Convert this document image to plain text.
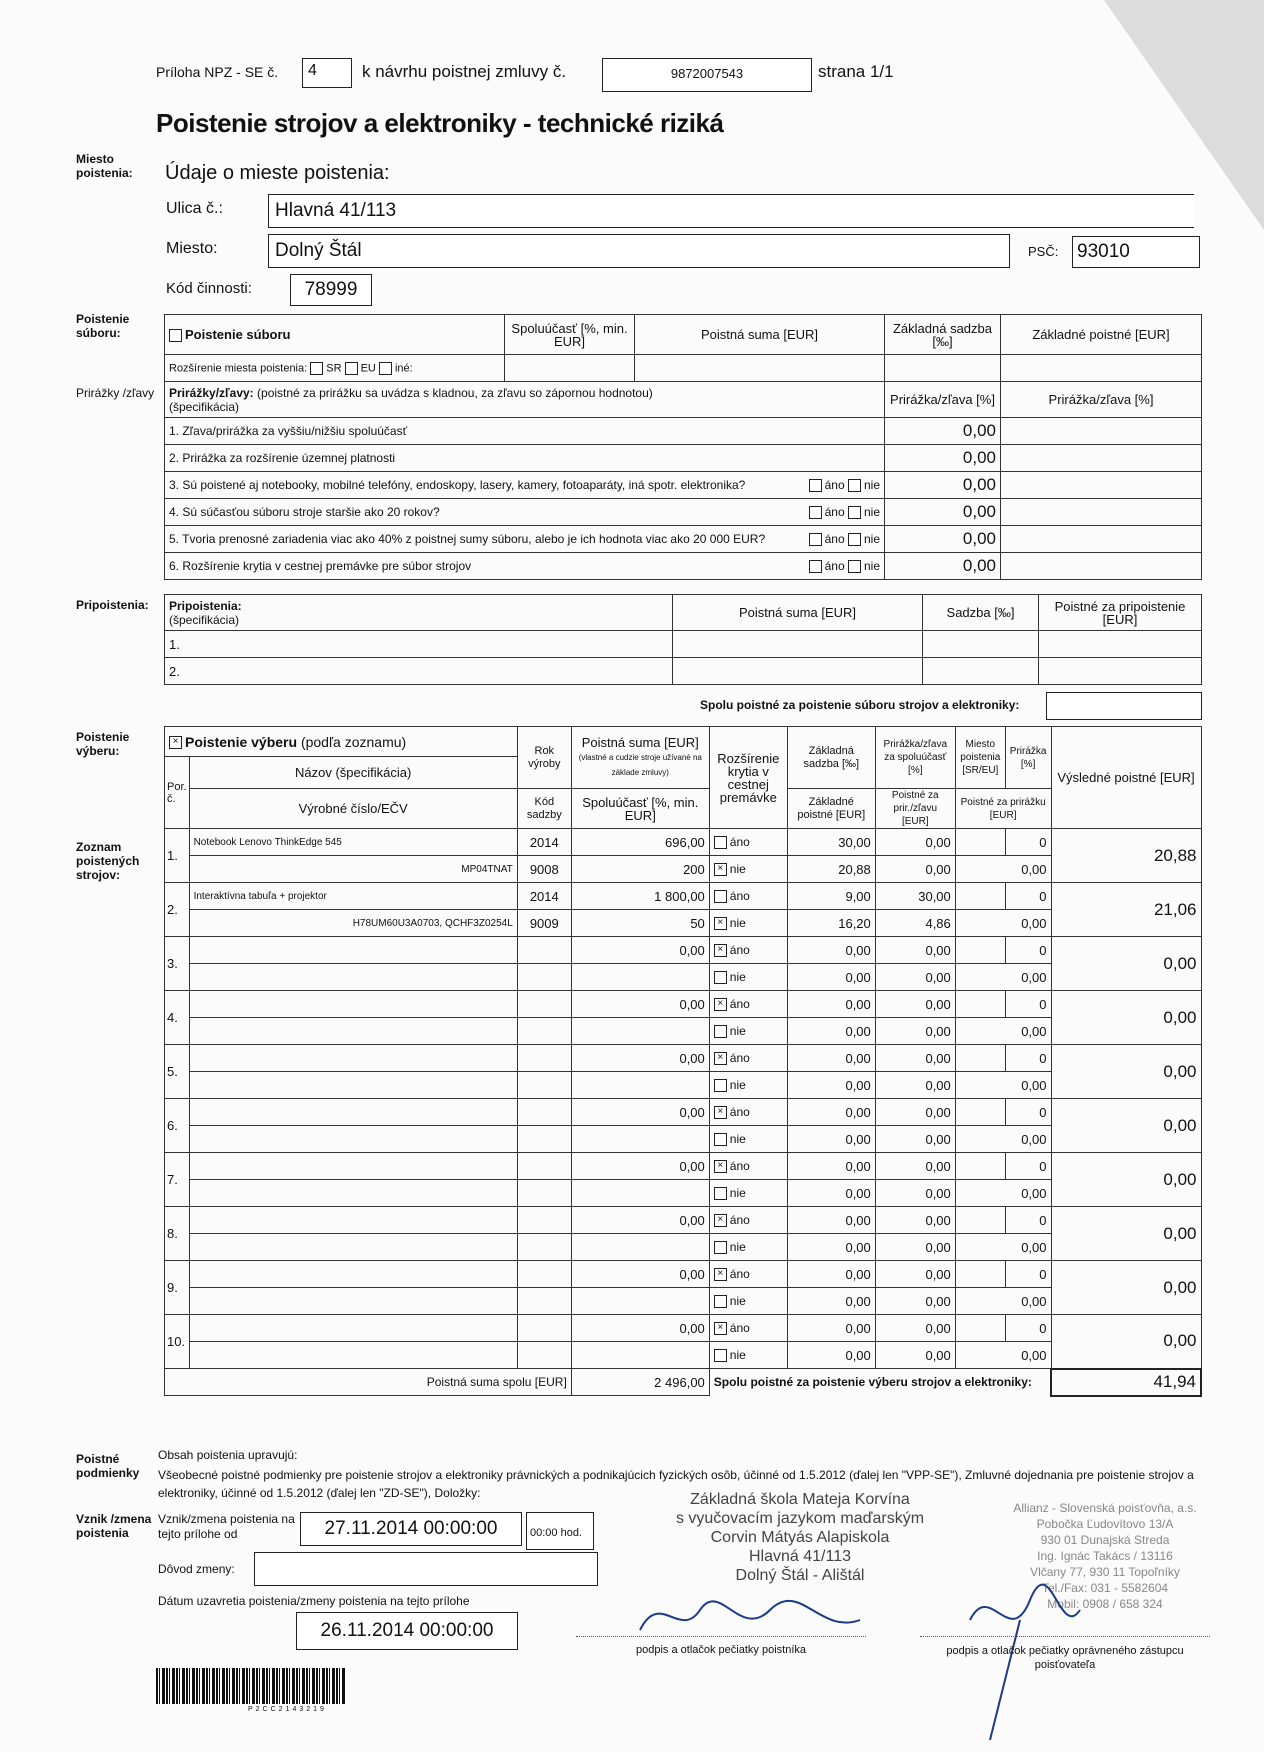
Príloha NPZ - SE č.	4	k návrhu poistnej zmluvy č.	9872007543	strana 1/1
Poistenie strojov a elektroniky - technické riziká
Miesto poistenia:
Poistenie súboru:
Prirážky /zľavy
Pripoistenia:
Poistenie výberu:
Zoznam poistených strojov:
Poistné podmienky
Vznik /zmena poistenia
Údaje o mieste poistenia:
Ulica č.:	Hlavná 41/113
Miesto:	Dolný Štál	PSČ: 93010
Kód činnosti:	78999
Poistenie súboru	Spoluúčasť [%, min. EUR]	Poistná suma [EUR]	Základná sadzba [‰]	Základné poistné [EUR]
Rozšírenie miesta poistenia: SR EU iné:				
Prirážky/zľavy: (poistné za prirážku sa uvádza s kladnou, za zľavu so zápornou hodnotou)
(špecifikácia)			Prirážka/zľava [%]	Prirážka/zľava [%]
1. Zľava/prirážka za vyššiu/nižšiu spoluúčasť			0,00	
2. Prirážka za rozšírenie územnej platnosti			0,00	
3. Sú poistené aj notebooky, mobilné telefóny, endoskopy, lasery, kamery, fotoaparáty, iná spotr. elektronika? áno nie			0,00	
4. Sú súčasťou súboru stroje staršie ako 20 rokov? áno nie			0,00	
5. Tvoria prenosné zariadenia viac ako 40% z poistnej sumy súboru, alebo je ich hodnota viac ako 20 000 EUR? áno nie			0,00	
6. Rozšírenie krytia v cestnej premávke pre súbor strojov áno nie			0,00	
Pripoistenia:
(špecifikácia)	Poistná suma [EUR]	Sadzba [‰]	Poistné za pripoistenie [EUR]
1.			
2.			
Spolu poistné za poistenie súboru strojov a elektroniky:
× Poistenie výberu (podľa zoznamu)		Rok výroby	Poistná suma [EUR]
(vlastné a cudzie stroje užívané na základe zmluvy)	Rozšírenie krytia v cestnej premávke	Základná sadzba [‰]	Prirážka/zľava za spoluúčasť [%]	Miesto poistenia [SR/EU]	Prirážka [%]	Výsledné poistné [EUR]
Por. č.	Názov (špecifikácia)								
	Výrobné číslo/EČV	Kód sadzby	Spoluúčasť [%, min. EUR]		Základné poistné [EUR]	Poistné za prir./zľavu [EUR]	Poistné za prirážku [EUR]		
1.	Notebook Lenovo ThinkEdge 545	2014	696,00	áno	30,00	0,00		0	20,88
	MP04TNAT	9008	200	× nie	20,88	0,00	0,00		
2.	Interaktívna tabuľa + projektor	2014	1 800,00	áno	9,00	30,00		0	21,06
	H78UM60U3A0703, QCHF3Z0254L	9009	50	× nie	16,20	4,86	0,00		
3.			0,00	× áno	0,00	0,00		0	0,00
				nie	0,00	0,00	0,00		
4.			0,00	× áno	0,00	0,00		0	0,00
				nie	0,00	0,00	0,00		
5.			0,00	× áno	0,00	0,00		0	0,00
				nie	0,00	0,00	0,00		
6.			0,00	× áno	0,00	0,00		0	0,00
				nie	0,00	0,00	0,00		
7.			0,00	× áno	0,00	0,00		0	0,00
				nie	0,00	0,00	0,00		
8.			0,00	× áno	0,00	0,00		0	0,00
				nie	0,00	0,00	0,00		
9.			0,00	× áno	0,00	0,00		0	0,00
				nie	0,00	0,00	0,00		
10.			0,00	× áno	0,00	0,00		0	0,00
				nie	0,00	0,00	0,00		
Poistná suma spolu [EUR]			2 496,00	Spolu poistné za poistenie výberu strojov a elektroniky:					41,94
Obsah poistenia upravujú:
Všeobecné poistné podmienky pre poistenie strojov a elektroniky právnických a podnikajúcich fyzických osôb, účinné od 1.5.2012 (ďalej len "VPP-SE"), Zmluvné dojednania pre poistenie strojov a elektroniky, účinné od 1.5.2012 (ďalej len "ZD-SE"), Doložky:
Vznik/zmena poistenia na tejto prílohe od	27.11.2014 00:00:00	00:00 hod.
Dôvod zmeny:
Dátum uzavretia poistenia/zmeny poistenia na tejto prílohe
26.11.2014 00:00:00
Základná škola Mateja Korvína
s vyučovacím jazykom maďarským
Corvin Mátyás Alapiskola
Hlavná 41/113
Dolný Štál - Alištál
Allianz - Slovenská poisťovňa, a.s.
Pobočka Ľudovítovo 13/A
930 01 Dunajská Streda
Ing. Ignác Takács / 13116
Vlčany 77, 930 11 Topoľníky
Tel./Fax: 031 - 5582604
Mobil: 0908 / 658 324
podpis a otlačok pečiatky poistníka	podpis a otlačok pečiatky oprávneného zástupcu poisťovateľa
P2CC2143219
